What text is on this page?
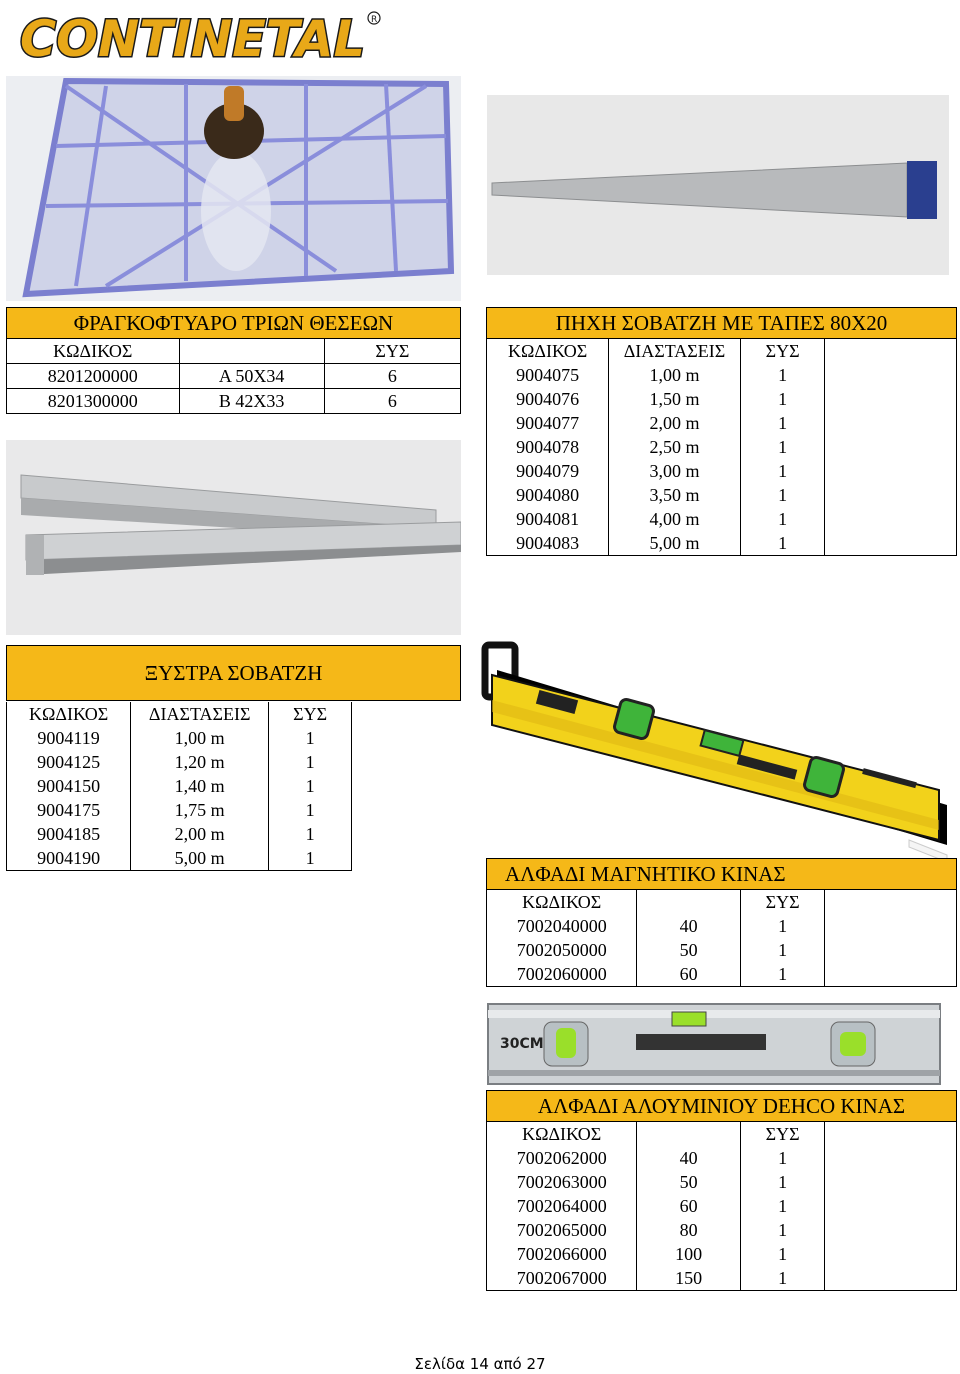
CONTINETAL R
ΦΡΑΓΚΟΦΤΥΑΡΟ ΤΡΙΩΝ ΘΕΣΕΩΝ		
ΚΩΔΙΚΟΣ		ΣΥΣ
8201200000	A 50X34	6
8201300000	B 42X33	6
ΠΗΧΗ ΣΟΒΑΤΖΗ ΜΕ ΤΑΠΕΣ 80X20			
ΚΩΔΙΚΟΣ	ΔΙΑΣΤΑΣΕΙΣ	ΣΥΣ	
9004075	1,00 m	1	
9004076	1,50 m	1	
9004077	2,00 m	1	
9004078	2,50 m	1	
9004079	3,00 m	1	
9004080	3,50 m	1	
9004081	4,00 m	1	
9004083	5,00 m	1	
ΞΥΣΤΡΑ ΣΟΒΑΤΖΗ
ΚΩΔΙΚΟΣ	ΔΙΑΣΤΑΣΕΙΣ	ΣΥΣ
9004119	1,00 m	1
9004125	1,20 m	1
9004150	1,40 m	1
9004175	1,75 m	1
9004185	2,00 m	1
9004190	5,00 m	1
ΑΛΦΑΔΙ ΜΑΓΝΗΤΙΚΟ ΚΙΝΑΣ			
ΚΩΔΙΚΟΣ		ΣΥΣ	
7002040000	40	1	
7002050000	50	1	
7002060000	60	1	
30CM
ΑΛΦΑΔΙ ΑΛΟΥΜΙΝΙΟΥ DEHCO ΚΙΝΑΣ			
ΚΩΔΙΚΟΣ		ΣΥΣ	
7002062000	40	1	
7002063000	50	1	
7002064000	60	1	
7002065000	80	1	
7002066000	100	1	
7002067000	150	1	
Σελίδα 14 από 27
